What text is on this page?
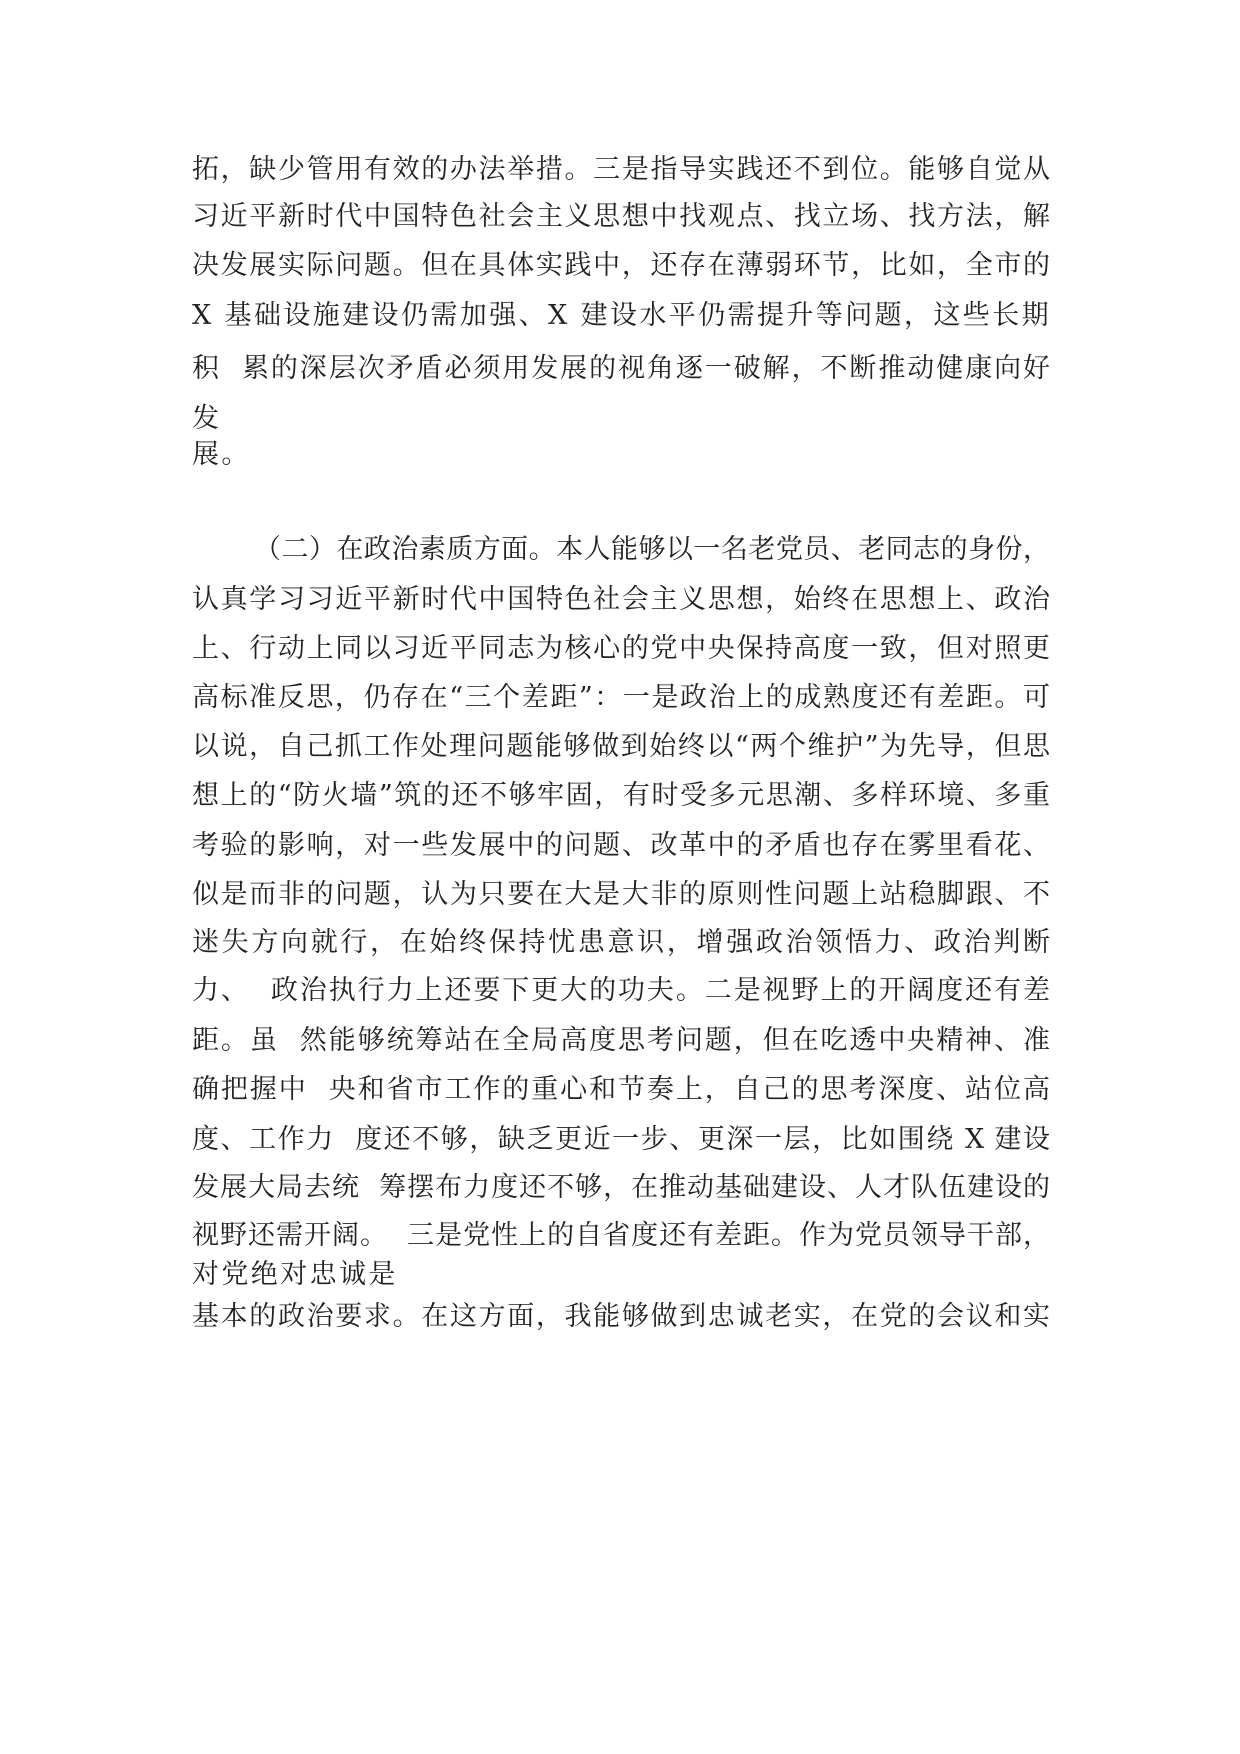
拓，缺少管用有效的办法举措。三是指导实践还不到位。能够自觉从
习近平新时代中国特色社会主义思想中找观点、找立场、找方法，解
决发展实际问题。但在具体实践中，还存在薄弱环节，比如，全市的
X 基础设施建设仍需加强、X 建设水平仍需提升等问题，这些长期
积  累的深层次矛盾必须用发展的视角逐一破解，不断推动健康向好
发
展。
（二）在政治素质方面。本人能够以一名老党员、老同志的身份，
认真学习习近平新时代中国特色社会主义思想，始终在思想上、政治
上、行动上同以习近平同志为核心的党中央保持高度一致，但对照更
高标准反思，仍存在“三个差距”：一是政治上的成熟度还有差距。可
以说，自己抓工作处理问题能够做到始终以“两个维护”为先导，但思
想上的“防火墙”筑的还不够牢固，有时受多元思潮、多样环境、多重
考验的影响，对一些发展中的问题、改革中的矛盾也存在雾里看花、
似是而非的问题，认为只要在大是大非的原则性问题上站稳脚跟、不
迷失方向就行，在始终保持忧患意识，增强政治领悟力、政治判断
力、  政治执行力上还要下更大的功夫。二是视野上的开阔度还有差
距。虽  然能够统筹站在全局高度思考问题，但在吃透中央精神、准
确把握中  央和省市工作的重心和节奏上，自己的思考深度、站位高
度、工作力  度还不够，缺乏更近一步、更深一层，比如围绕 X 建设
发展大局去统  筹摆布力度还不够，在推动基础建设、人才队伍建设的
视野还需开阔。  三是党性上的自省度还有差距。作为党员领导干部，
对党绝对忠诚是
基本的政治要求。在这方面，我能够做到忠诚老实，在党的会议和实
